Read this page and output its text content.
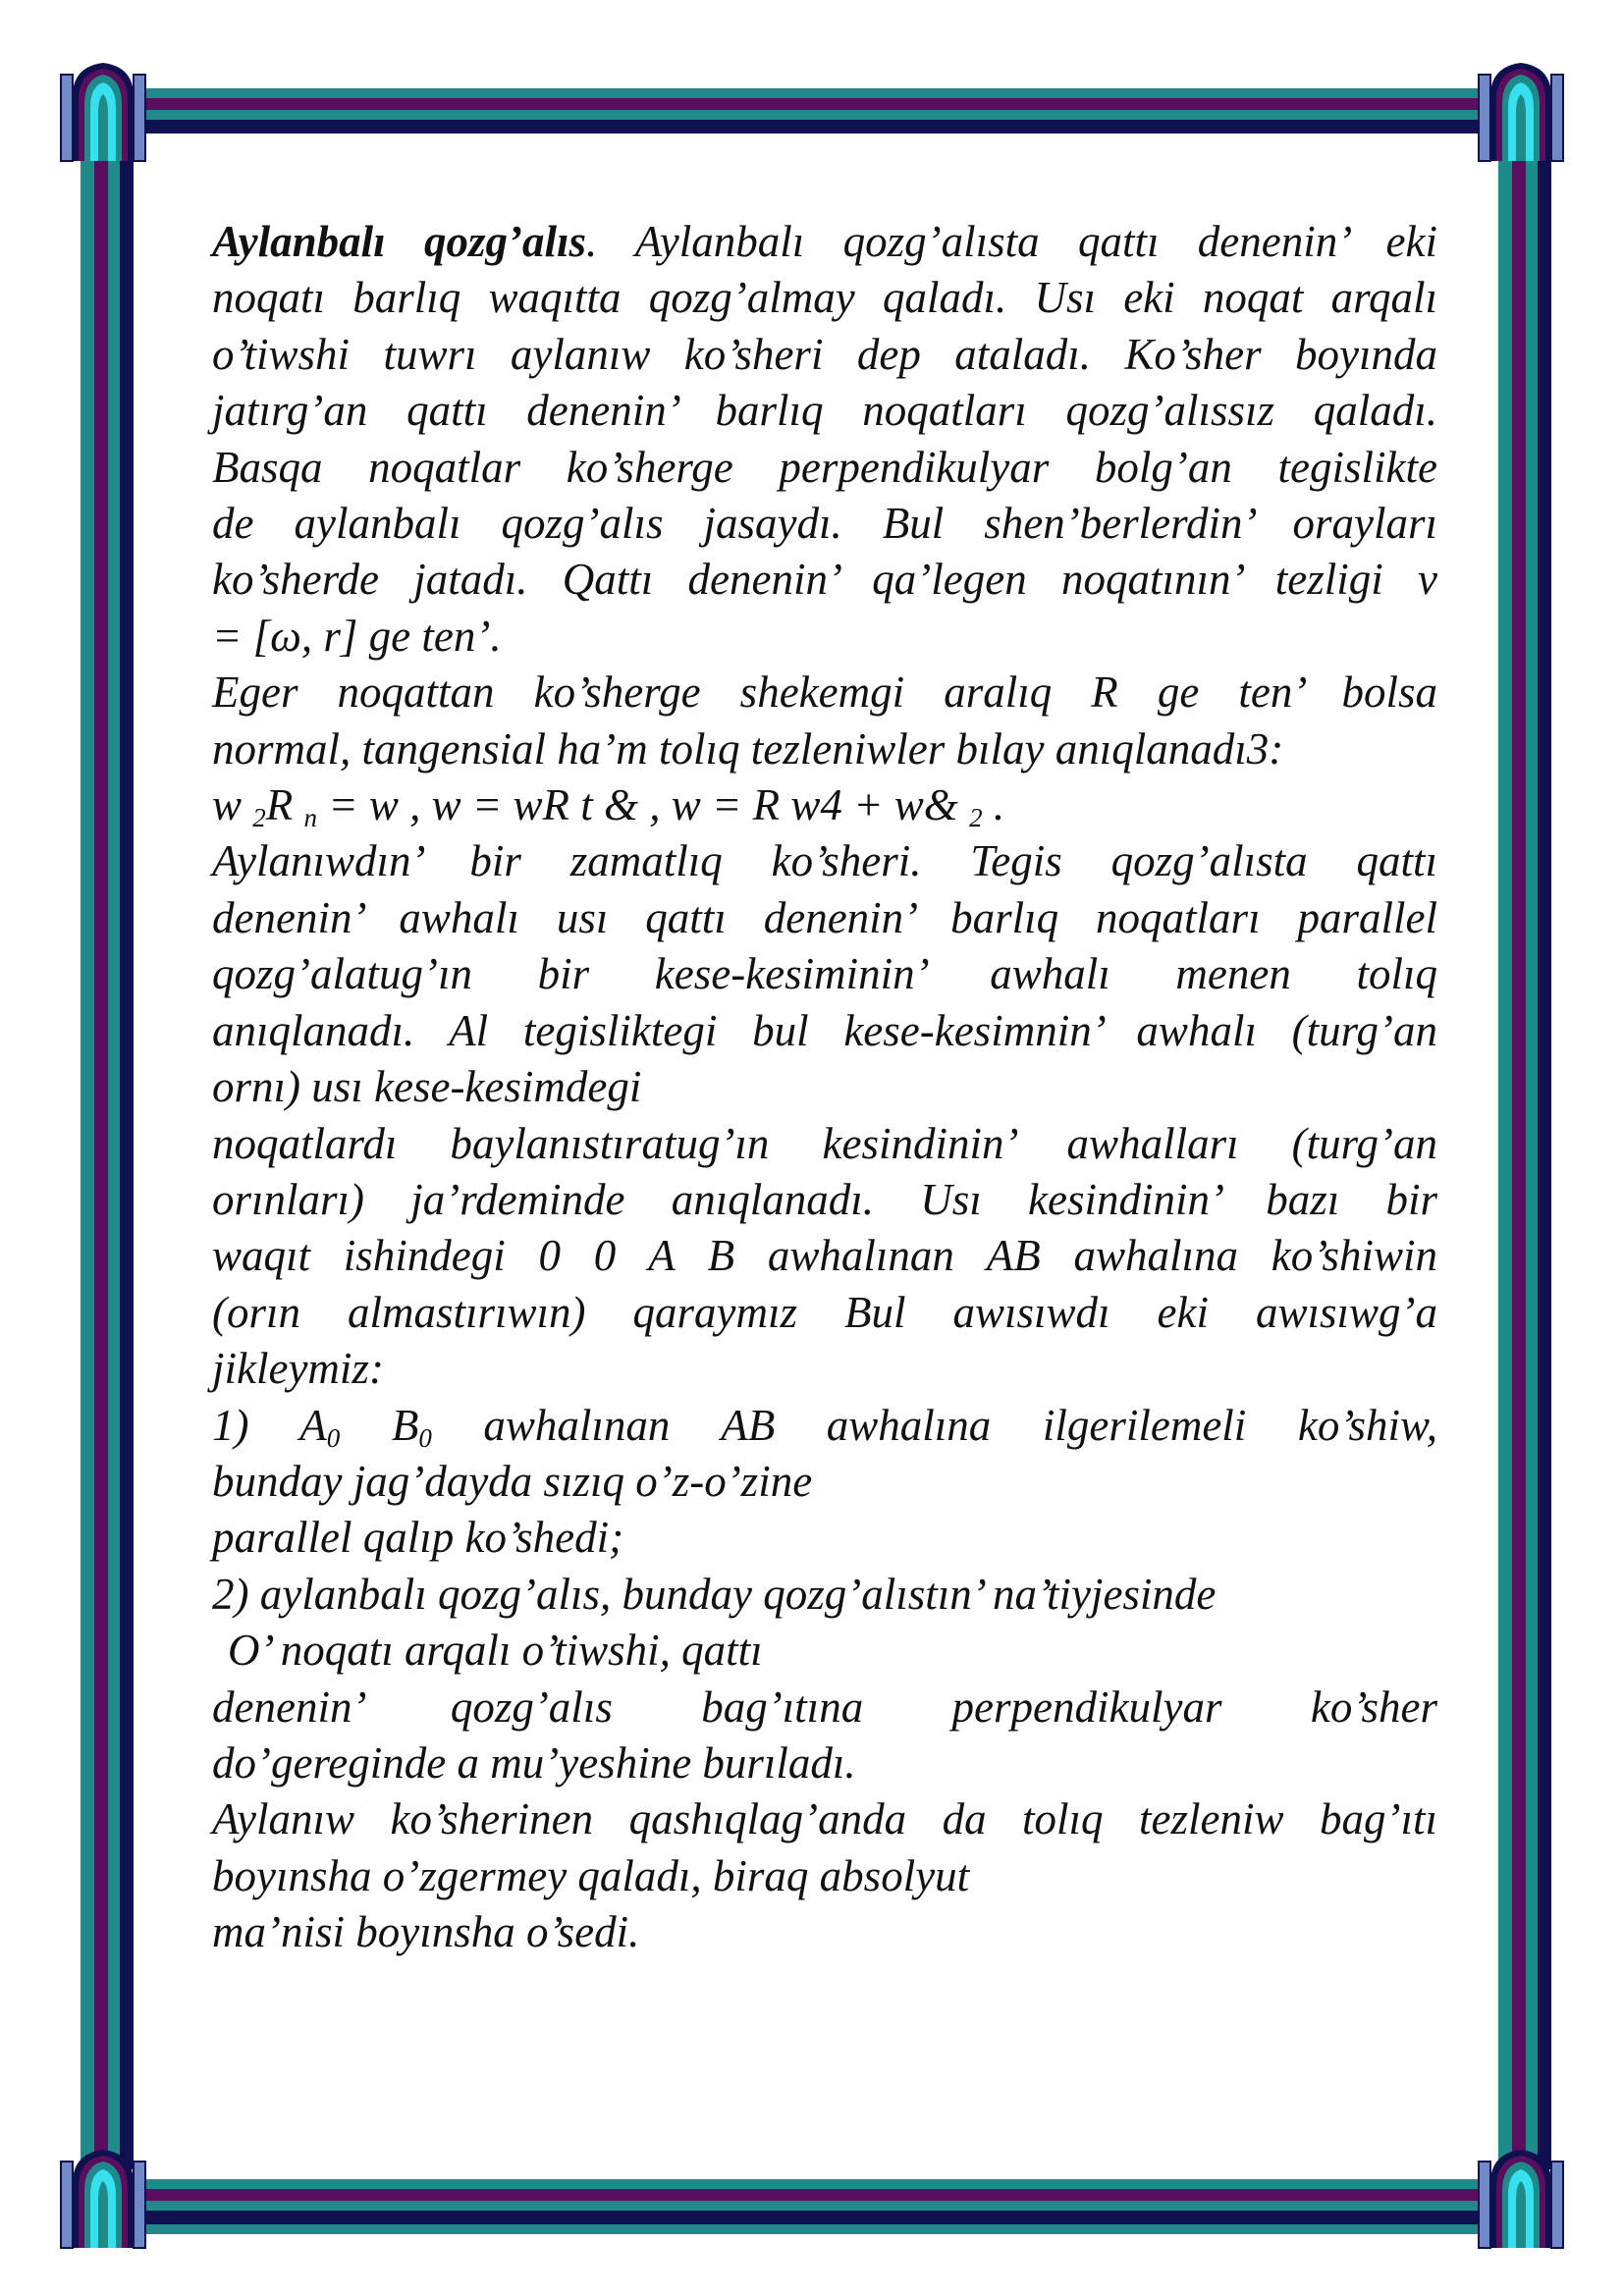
Aylanbalı qozg’alıs. Aylanbalı qozg’alısta qattı denenin’ eki
noqatı barlıq waqıtta qozg’almay qaladı. Usı eki noqat arqalı
o’tiwshi tuwrı aylanıw ko’sheri dep ataladı. Ko’sher boyında
jatırg’an qattı denenin’ barlıq noqatları qozg’alıssız qaladı.
Basqa noqatlar ko’sherge perpendikulyar bolg’an tegislikte
de aylanbalı qozg’alıs jasaydı. Bul shen’berlerdin’ orayları
ko’sherde jatadı. Qattı denenin’ qa’legen noqatının’ tezligi v
= [ω, r] ge ten’.

Eger noqattan ko’sherge shekemgi aralıq R ge ten’ bolsa
normal, tangensial ha’m tolıq tezleniwler bılay anıqlanadı3:

w $_2$R $_n$ = w , w = wR t & , w = R w4 + w& $_2$ .

Aylanıwdın’ bir zamatlıq ko’sheri. Tegis qozg’alısta qattı
denenin’ awhalı usı qattı denenin’ barlıq noqatları parallel
qozg’alatug’ın bir kese-kesiminin’ awhalı menen tolıq
anıqlanadı. Al tegisliktegi bul kese-kesimnin’ awhalı (turg’an
ornı) usı kese-kesimdegi

noqatlardı baylanıstıratug’ın kesindinin’ awhalları (turg’an
orınları) ja’rdeminde anıqlanadı. Usı kesindinin’ bazı bir
waqıt ishindegi 0 0 A B awhalınan AB awhalına ko’shiwin
(orın almastırıwın) qaraymız Bul awısıwdı eki awısıwg’a
jikleymiz:

1) $A_0$ $B_0$ awhalınan AB awhalına ilgerilemeli ko’shiw,
bunday jag’dayda sızıq o’z-o’zine

parallel qalıp ko’shedi;

2) aylanbalı qozg’alıs, bunday qozg’alıstın’ na’tiyjesinde

O’ noqatı arqalı o’tiwshi, qattı

denenin’ qozg’alıs bag’ıtına perpendikulyar ko’sher
do’gereginde a mu’yeshine burıladı.

Aylanıw ko’sherinen qashıqlag’anda da tolıq tezleniw bag’ıtı
boyınsha o’zgermey qaladı, biraq absolyut

ma’nisi boyınsha o’sedi.
